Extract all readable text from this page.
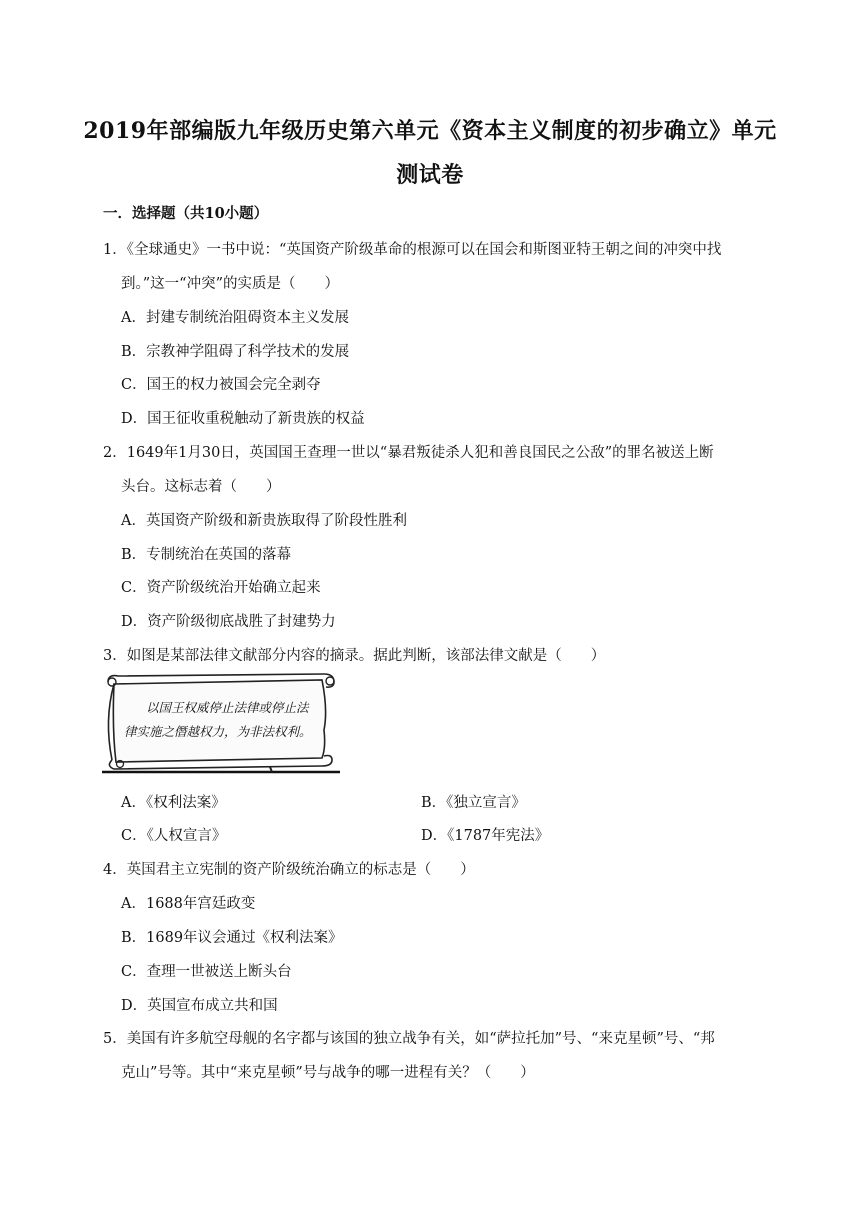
2019年部编版九年级历史第六单元《资本主义制度的初步确立》单元
测试卷
一．选择题（共10小题）
1．《全球通史》一书中说：“英国资产阶级革命的根源可以在国会和斯图亚特王朝之间的冲突中找
到。”这一“冲突”的实质是（　　）
A．封建专制统治阻碍资本主义发展
B．宗教神学阻碍了科学技术的发展
C．国王的权力被国会完全剥夺
D．国王征收重税触动了新贵族的权益
2．1649年1月30日，英国国王查理一世以“暴君叛徒杀人犯和善良国民之公敌”的罪名被送上断
头台。这标志着（　　）
A．英国资产阶级和新贵族取得了阶段性胜利
B．专制统治在英国的落幕
C．资产阶级统治开始确立起来
D．资产阶级彻底战胜了封建势力
3．如图是某部法律文献部分内容的摘录。据此判断，该部法律文献是（　　）
以国王权威停止法律或停止法
律实施之僭越权力，为非法权利。
A．《权利法案》	B．《独立宣言》
C．《人权宣言》	D．《1787年宪法》
4．英国君主立宪制的资产阶级统治确立的标志是（　　）
A．1688年宫廷政变
B．1689年议会通过《权利法案》
C．查理一世被送上断头台
D．英国宣布成立共和国
5．美国有许多航空母舰的名字都与该国的独立战争有关，如“萨拉托加”号、“来克星顿”号、“邦
克山”号等。其中“来克星顿”号与战争的哪一进程有关？（　　）
